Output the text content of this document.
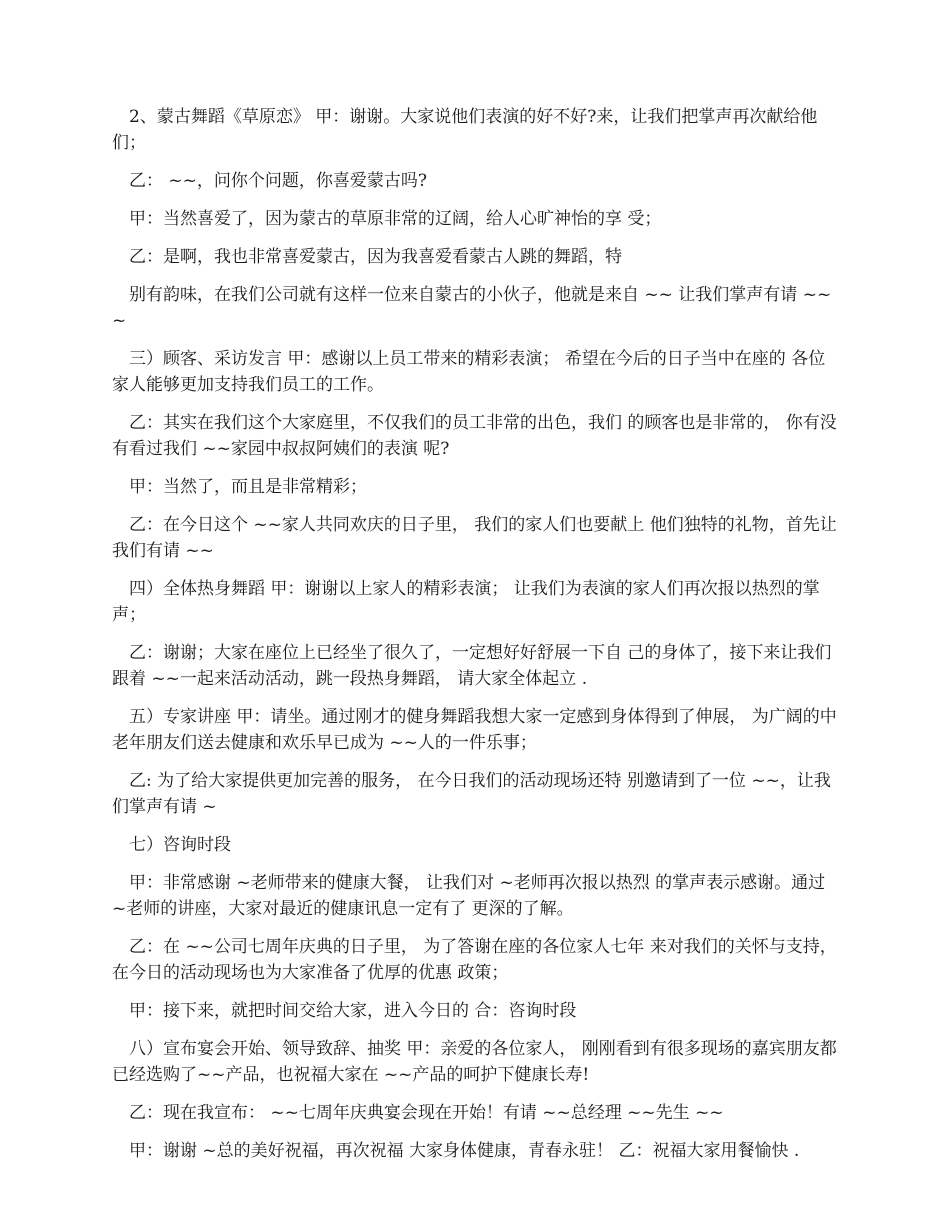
2、蒙古舞蹈《草原恋》 甲：谢谢。大家说他们表演的好不好?来，让我们把掌声再次献给他们；

乙： ~~，问你个问题，你喜爱蒙古吗?

甲：当然喜爱了，因为蒙古的草原非常的辽阔，给人心旷神怡的享 受；

乙：是啊，我也非常喜爱蒙古，因为我喜爱看蒙古人跳的舞蹈，特

别有韵味，在我们公司就有这样一位来自蒙古的小伙子，他就是来自 ~~ 让我们掌声有请 ~~~

三）顾客、采访发言 甲：感谢以上员工带来的精彩表演； 希望在今后的日子当中在座的 各位家人能够更加支持我们员工的工作。

乙：其实在我们这个大家庭里，不仅我们的员工非常的出色，我们 的顾客也是非常的， 你有没有看过我们 ~~家园中叔叔阿姨们的表演 呢?

甲：当然了，而且是非常精彩；

乙：在今日这个 ~~家人共同欢庆的日子里， 我们的家人们也要献上 他们独特的礼物，首先让我们有请 ~~

四）全体热身舞蹈 甲：谢谢以上家人的精彩表演； 让我们为表演的家人们再次报以热烈的掌声；

乙：谢谢；大家在座位上已经坐了很久了，一定想好好舒展一下自 己的身体了，接下来让我们跟着 ~~一起来活动活动，跳一段热身舞蹈， 请大家全体起立 .

五）专家讲座 甲：请坐。通过刚才的健身舞蹈我想大家一定感到身体得到了伸展， 为广阔的中老年朋友们送去健康和欢乐早已成为 ~~人的一件乐事；

乙: 为了给大家提供更加完善的服务， 在今日我们的活动现场还特 别邀请到了一位 ~~，让我们掌声有请 ~

七）咨询时段

甲：非常感谢 ~老师带来的健康大餐， 让我们对 ~老师再次报以热烈 的掌声表示感谢。通过 ~老师的讲座，大家对最近的健康讯息一定有了 更深的了解。

乙：在 ~~公司七周年庆典的日子里， 为了答谢在座的各位家人七年 来对我们的关怀与支持， 在今日的活动现场也为大家准备了优厚的优惠 政策；

甲：接下来，就把时间交给大家，进入今日的 合：咨询时段

八）宣布宴会开始、领导致辞、抽奖 甲：亲爱的各位家人， 刚刚看到有很多现场的嘉宾朋友都已经选购了~~产品，也祝福大家在 ~~产品的呵护下健康长寿!

乙：现在我宣布： ~~七周年庆典宴会现在开始！有请 ~~总经理 ~~先生 ~~

甲：谢谢 ~总的美好祝福，再次祝福 大家身体健康，青春永驻！ 乙：祝福大家用餐愉快 .
